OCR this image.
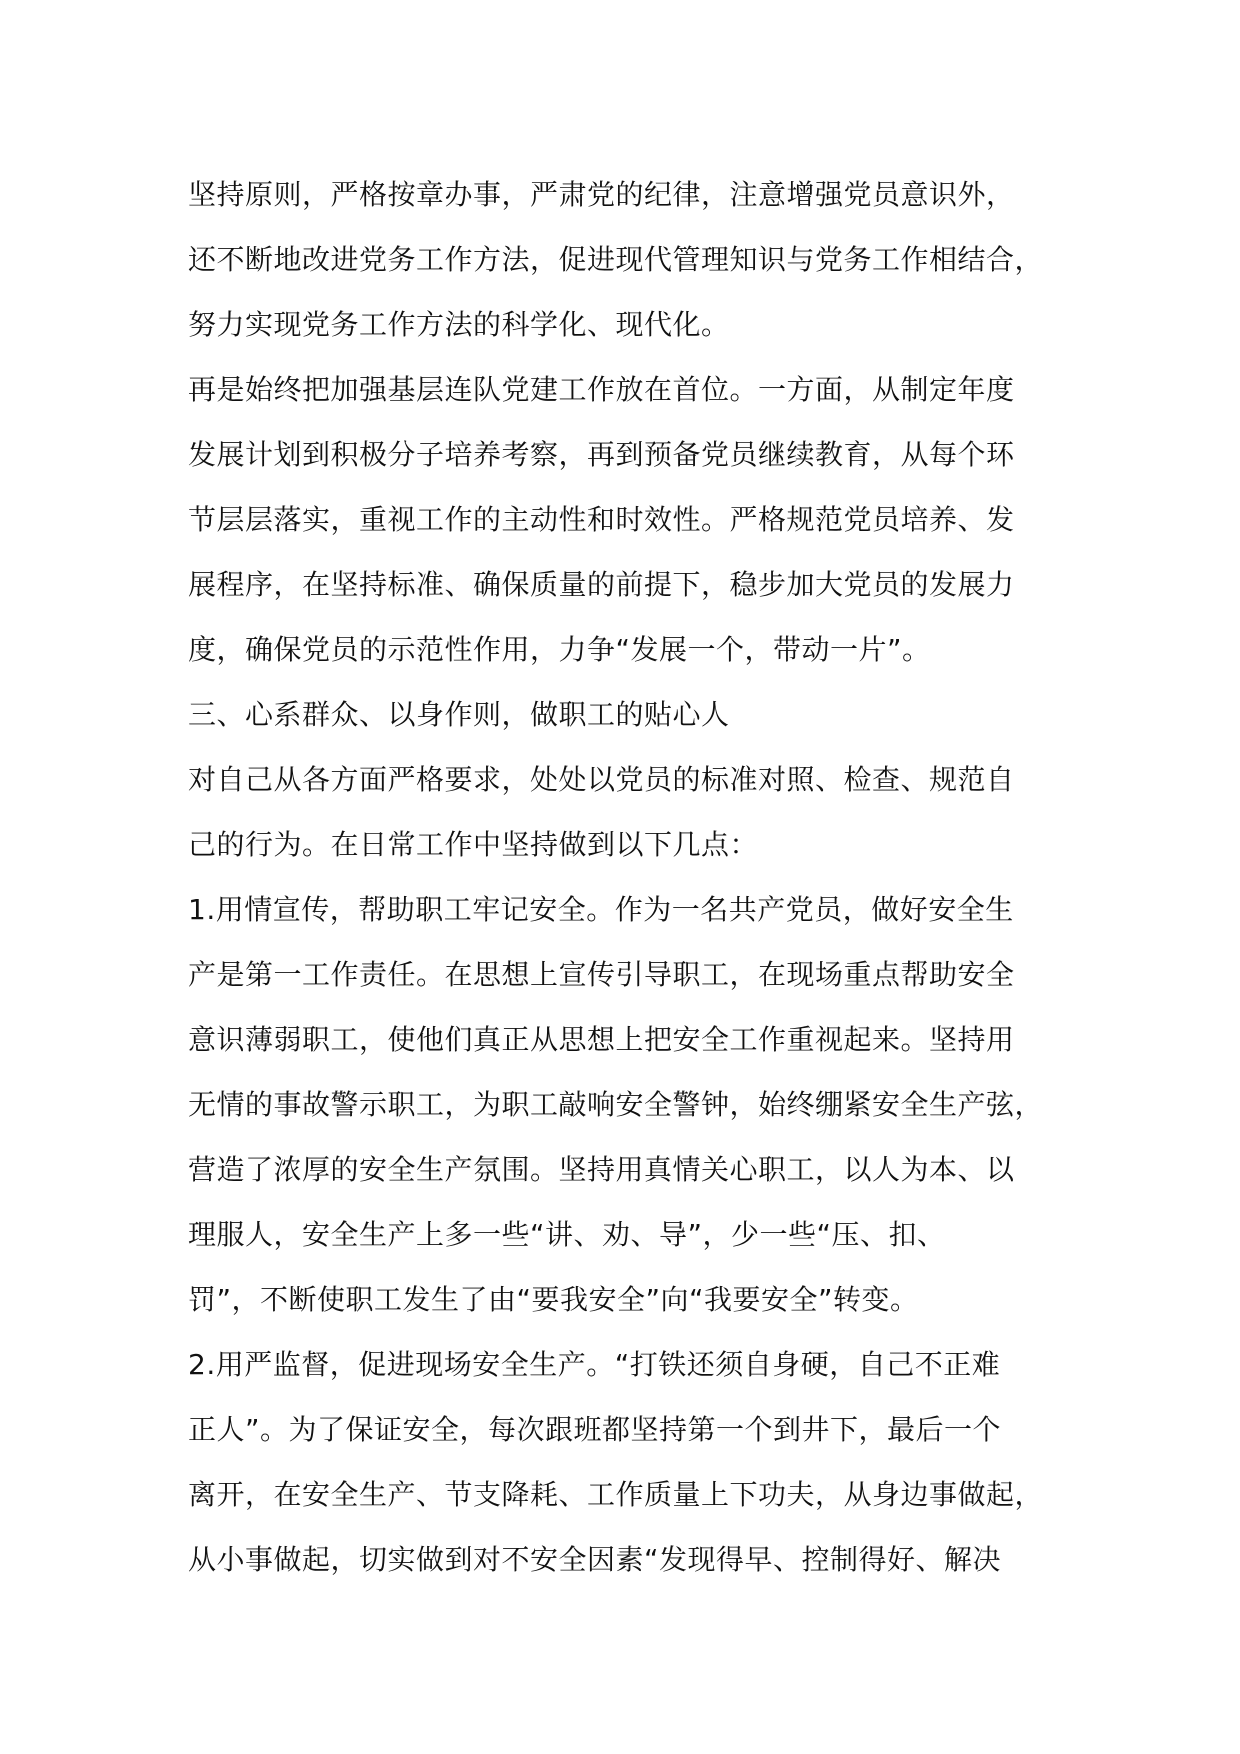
坚持原则，严格按章办事，严肃党的纪律，注意增强党员意识外，
还不断地改进党务工作方法，促进现代管理知识与党务工作相结合，
努力实现党务工作方法的科学化、现代化。
再是始终把加强基层连队党建工作放在首位。一方面，从制定年度
发展计划到积极分子培养考察，再到预备党员继续教育，从每个环
节层层落实，重视工作的主动性和时效性。严格规范党员培养、发
展程序，在坚持标准、确保质量的前提下，稳步加大党员的发展力
度，确保党员的示范性作用，力争“发展一个，带动一片”。
三、心系群众、以身作则，做职工的贴心人
对自己从各方面严格要求，处处以党员的标准对照、检查、规范自
己的行为。在日常工作中坚持做到以下几点：
1.用情宣传，帮助职工牢记安全。作为一名共产党员，做好安全生
产是第一工作责任。在思想上宣传引导职工，在现场重点帮助安全
意识薄弱职工，使他们真正从思想上把安全工作重视起来。坚持用
无情的事故警示职工，为职工敲响安全警钟，始终绷紧安全生产弦，
营造了浓厚的安全生产氛围。坚持用真情关心职工，以人为本、以
理服人，安全生产上多一些“讲、劝、导”，少一些“压、扣、
罚”，不断使职工发生了由“要我安全”向“我要安全”转变。
2.用严监督，促进现场安全生产。“打铁还须自身硬，自己不正难
正人”。为了保证安全，每次跟班都坚持第一个到井下，最后一个
离开，在安全生产、节支降耗、工作质量上下功夫，从身边事做起，
从小事做起，切实做到对不安全因素“发现得早、控制得好、解决
